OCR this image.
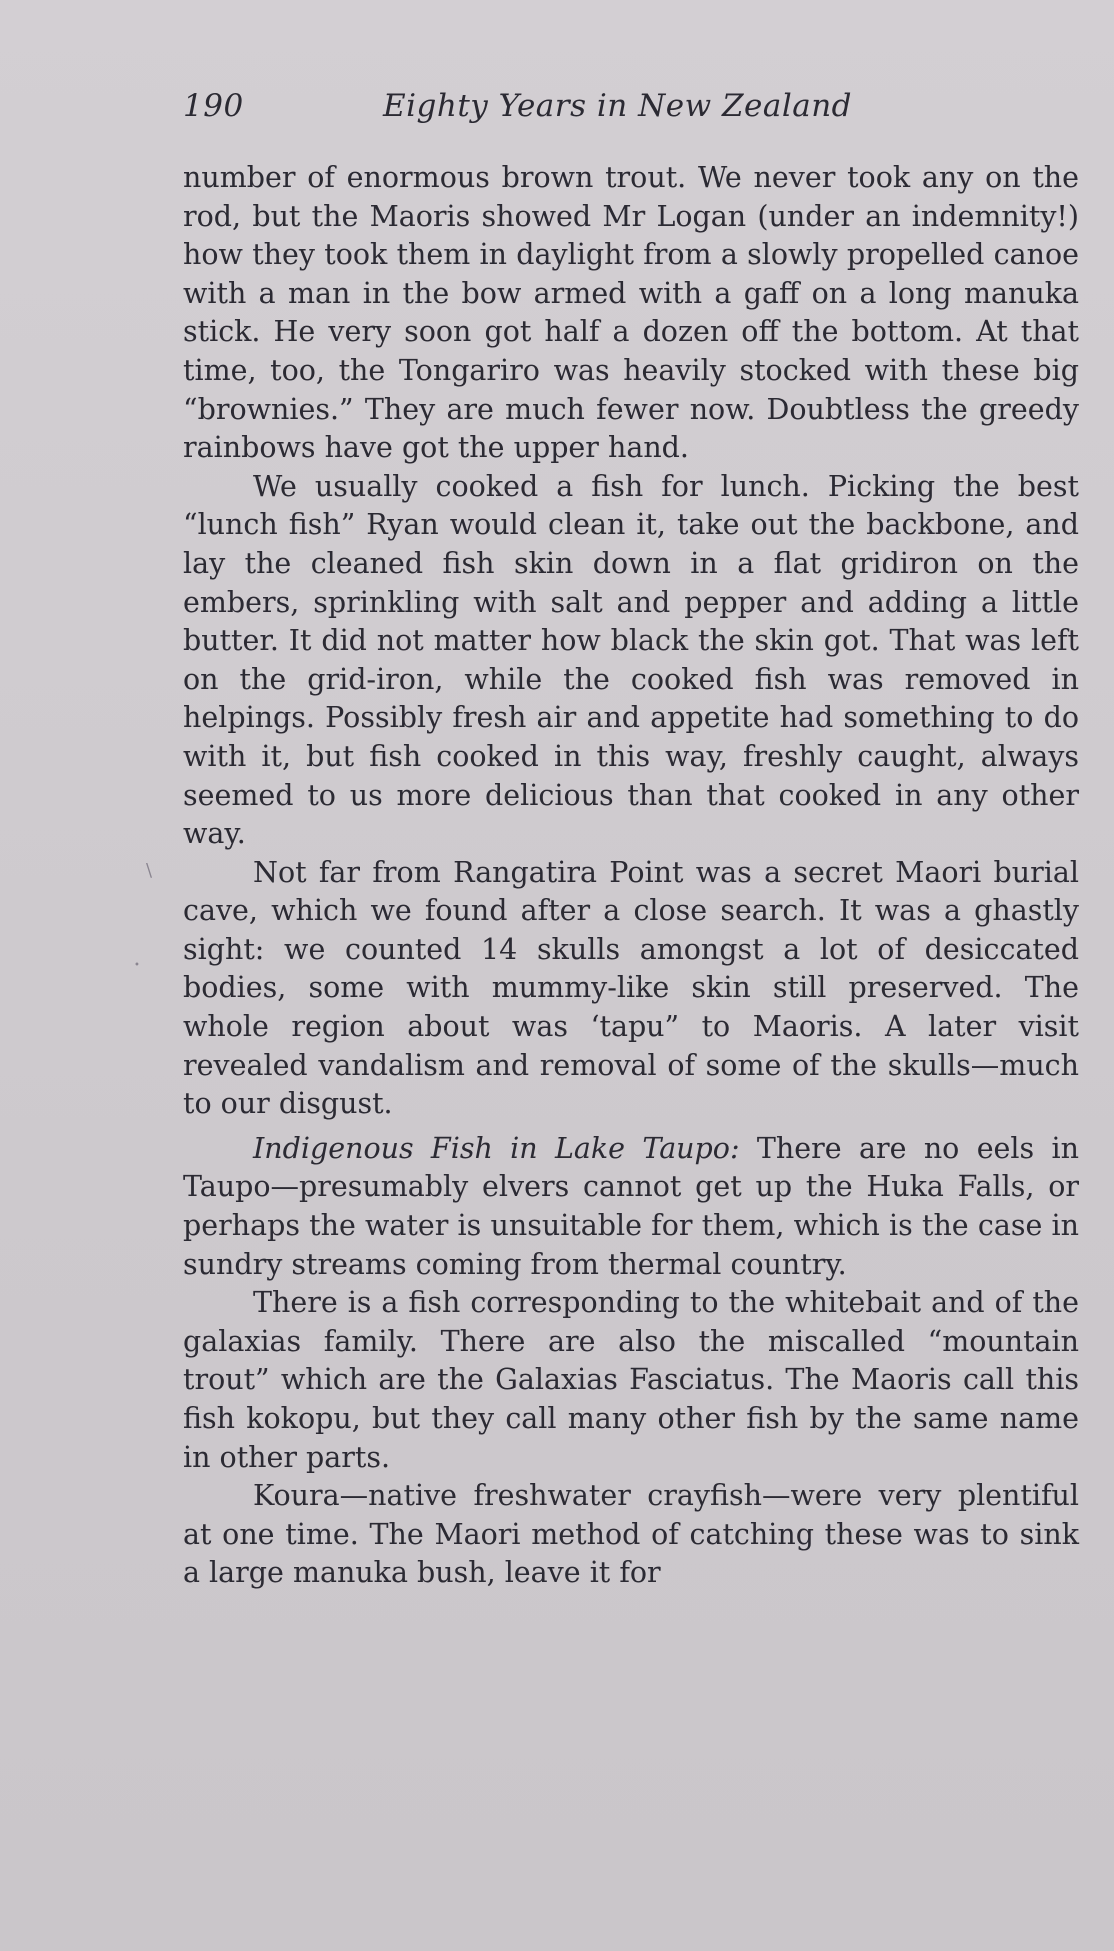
190	Eighty Years in New Zealand

number of enormous brown trout. We never took any on the rod, but the Maoris showed Mr Logan (under an indemnity!) how they took them in daylight from a slowly propelled canoe with a man in the bow armed with a gaff on a long manuka stick. He very soon got half a dozen off the bottom. At that time, too, the Tongariro was heavily stocked with these big “brownies.” They are much fewer now. Doubtless the greedy rainbows have got the upper hand.

We usually cooked a fish for lunch. Picking the best “lunch fish” Ryan would clean it, take out the backbone, and lay the cleaned fish skin down in a flat gridiron on the embers, sprinkling with salt and pepper and adding a little butter. It did not matter how black the skin got. That was left on the grid-iron, while the cooked fish was removed in helpings. Possibly fresh air and appetite had something to do with it, but fish cooked in this way, freshly caught, always seemed to us more delicious than that cooked in any other way.

Not far from Rangatira Point was a secret Maori burial cave, which we found after a close search. It was a ghastly sight: we counted 14 skulls amongst a lot of desiccated bodies, some with mummy-like skin still preserved. The whole region about was ‘tapu” to Maoris. A later visit revealed vandalism and removal of some of the skulls—much to our disgust.

Indigenous Fish in Lake Taupo: There are no eels in Taupo—presumably elvers cannot get up the Huka Falls, or perhaps the water is unsuitable for them, which is the case in sundry streams coming from thermal country.

There is a fish corresponding to the whitebait and of the galaxias family. There are also the miscalled “mountain trout” which are the Galaxias Fasciatus. The Maoris call this fish kokopu, but they call many other fish by the same name in other parts.

Koura—native freshwater crayfish—were very plentiful at one time. The Maori method of catching these was to sink a large manuka bush, leave it for

\
•
